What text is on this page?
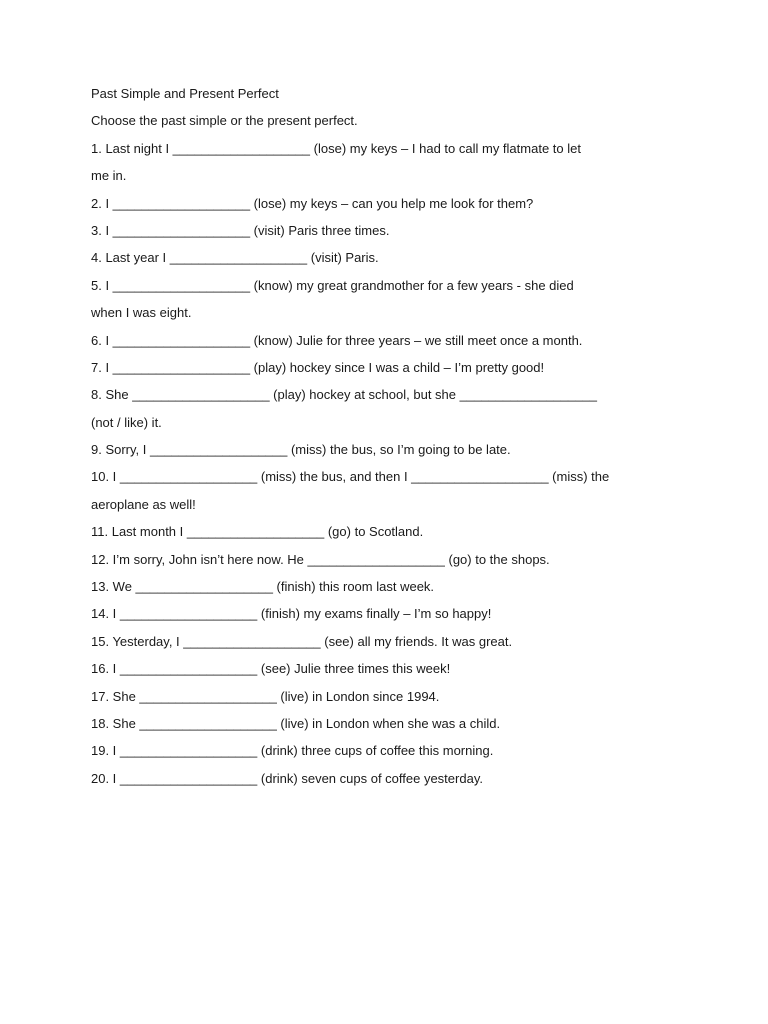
Past Simple and Present Perfect
Choose the past simple or the present perfect.
1. Last night I ___________________ (lose) my keys – I had to call my flatmate to let
me in.
2. I ___________________ (lose) my keys – can you help me look for them?
3. I ___________________ (visit) Paris three times.
4. Last year I ___________________ (visit) Paris.
5. I ___________________ (know) my great grandmother for a few years - she died
when I was eight.
6. I ___________________ (know) Julie for three years – we still meet once a month.
7. I ___________________ (play) hockey since I was a child – I’m pretty good!
8. She ___________________ (play) hockey at school, but she ___________________
(not / like) it.
9. Sorry, I ___________________ (miss) the bus, so I’m going to be late.
10. I ___________________ (miss) the bus, and then I ___________________ (miss) the
aeroplane as well!
11. Last month I ___________________ (go) to Scotland.
12. I’m sorry, John isn’t here now. He ___________________ (go) to the shops.
13. We ___________________ (finish) this room last week.
14. I ___________________ (finish) my exams finally – I’m so happy!
15. Yesterday, I ___________________ (see) all my friends. It was great.
16. I ___________________ (see) Julie three times this week!
17. She ___________________ (live) in London since 1994.
18. She ___________________ (live) in London when she was a child.
19. I ___________________ (drink) three cups of coffee this morning.
20. I ___________________ (drink) seven cups of coffee yesterday.
